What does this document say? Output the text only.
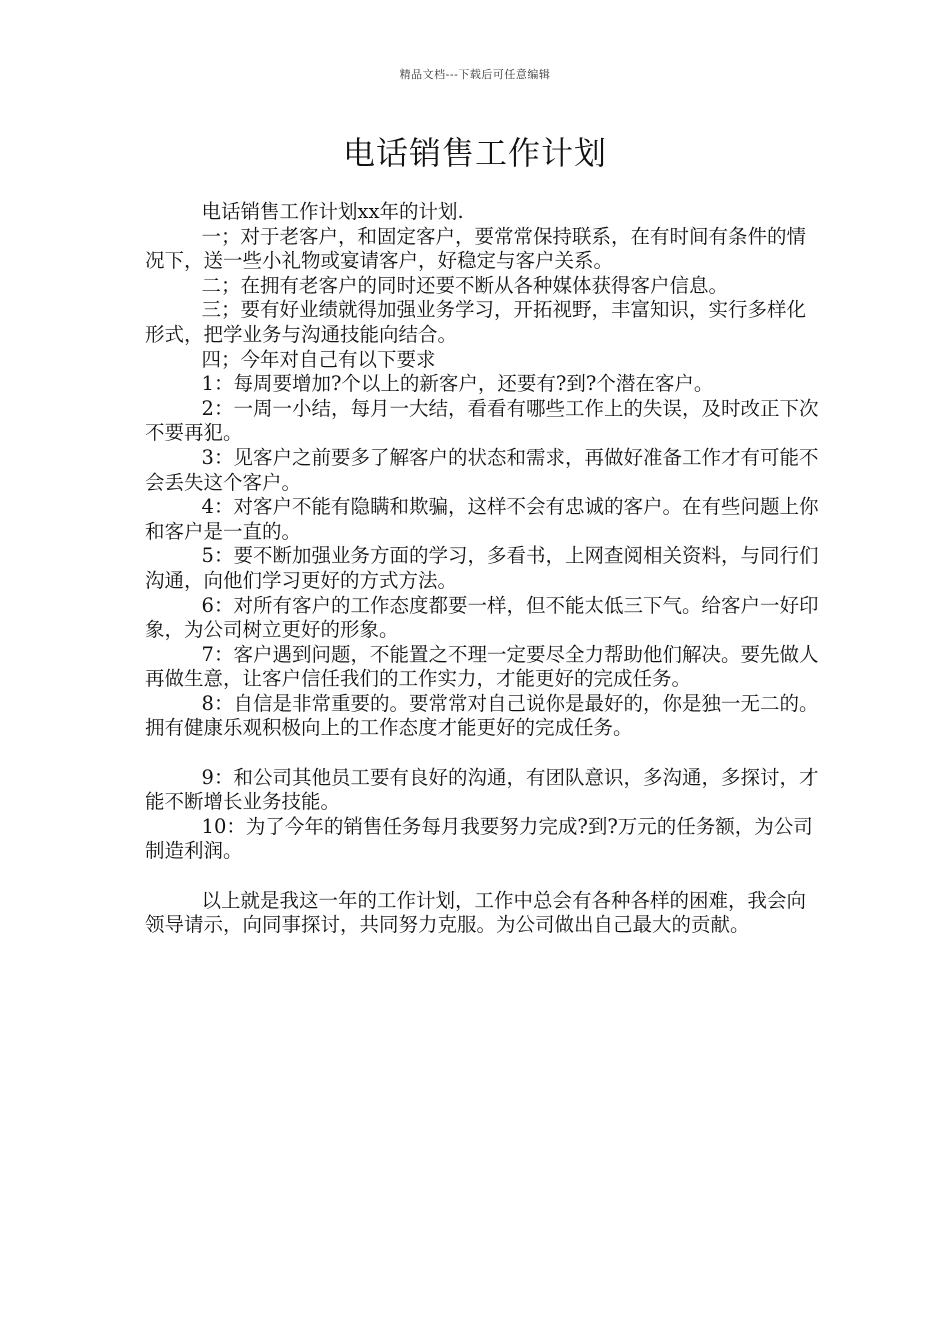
精品文档---下载后可任意编辑
电话销售工作计划

电话销售工作计划xx年的计划.

一；对于老客户，和固定客户，要常常保持联系，在有时间有条件的情况下，送一些小礼物或宴请客户，好稳定与客户关系。

二；在拥有老客户的同时还要不断从各种媒体获得客户信息。

三；要有好业绩就得加强业务学习，开拓视野，丰富知识，实行多样化形式，把学业务与沟通技能向结合。

四；今年对自己有以下要求

1：每周要增加?个以上的新客户，还要有?到?个潜在客户。

2：一周一小结，每月一大结，看看有哪些工作上的失误，及时改正下次不要再犯。

3：见客户之前要多了解客户的状态和需求，再做好准备工作才有可能不会丢失这个客户。

4：对客户不能有隐瞒和欺骗，这样不会有忠诚的客户。在有些问题上你和客户是一直的。

5：要不断加强业务方面的学习，多看书，上网查阅相关资料，与同行们沟通，向他们学习更好的方式方法。

6：对所有客户的工作态度都要一样，但不能太低三下气。给客户一好印象，为公司树立更好的形象。

7：客户遇到问题，不能置之不理一定要尽全力帮助他们解决。要先做人再做生意，让客户信任我们的工作实力，才能更好的完成任务。

8：自信是非常重要的。要常常对自己说你是最好的，你是独一无二的。拥有健康乐观积极向上的工作态度才能更好的完成任务。

9：和公司其他员工要有良好的沟通，有团队意识，多沟通，多探讨，才能不断增长业务技能。

10：为了今年的销售任务每月我要努力完成?到?万元的任务额，为公司制造利润。

以上就是我这一年的工作计划，工作中总会有各种各样的困难，我会向领导请示，向同事探讨，共同努力克服。为公司做出自己最大的贡献。
